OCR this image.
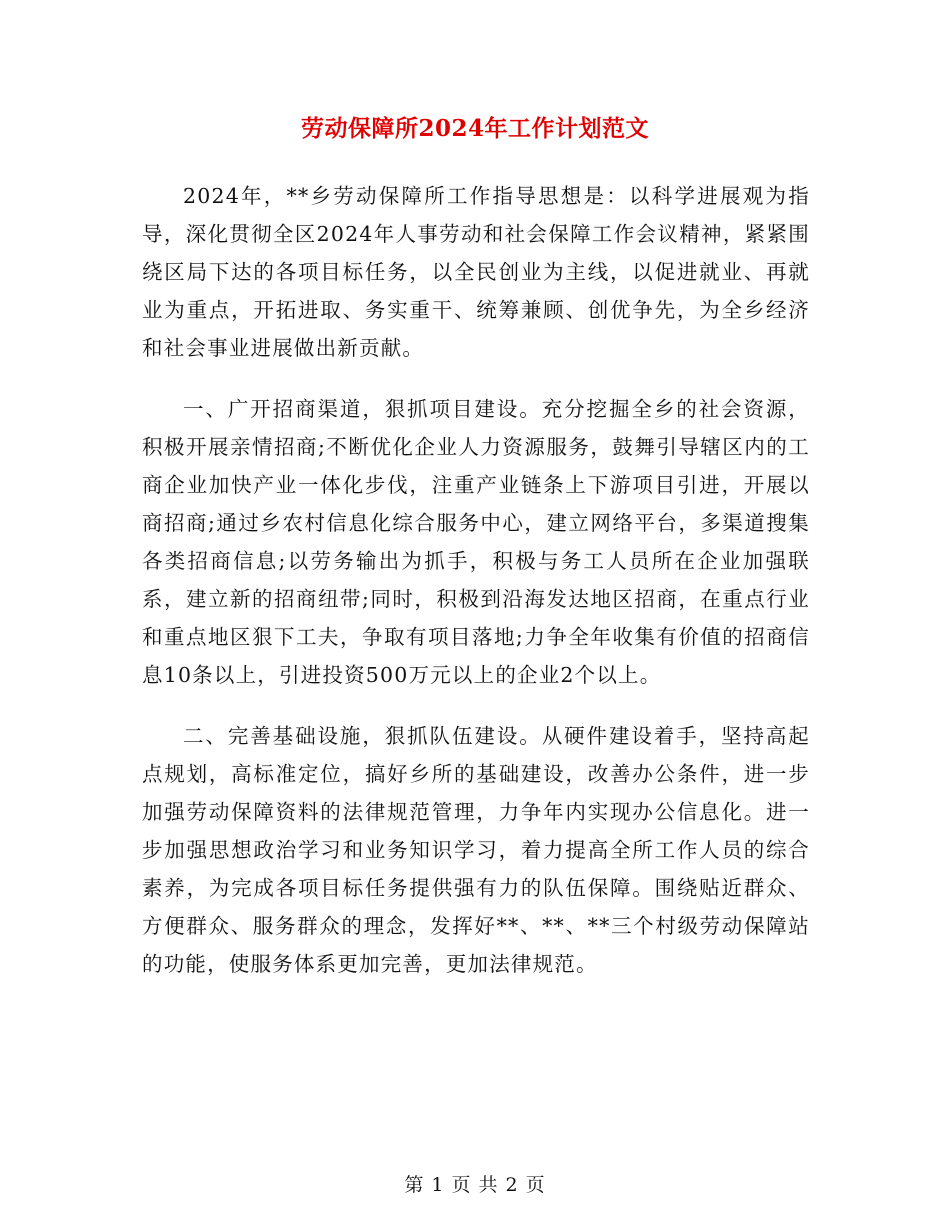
劳动保障所2024年工作计划范文

2024年，**乡劳动保障所工作指导思想是：以科学进展观为指导，深化贯彻全区2024年人事劳动和社会保障工作会议精神，紧紧围绕区局下达的各项目标任务，以全民创业为主线，以促进就业、再就业为重点，开拓进取、务实重干、统筹兼顾、创优争先，为全乡经济和社会事业进展做出新贡献。

一、广开招商渠道，狠抓项目建设。充分挖掘全乡的社会资源，积极开展亲情招商;不断优化企业人力资源服务，鼓舞引导辖区内的工商企业加快产业一体化步伐，注重产业链条上下游项目引进，开展以商招商;通过乡农村信息化综合服务中心，建立网络平台，多渠道搜集各类招商信息;以劳务输出为抓手，积极与务工人员所在企业加强联系，建立新的招商纽带;同时，积极到沿海发达地区招商，在重点行业和重点地区狠下工夫，争取有项目落地;力争全年收集有价值的招商信息10条以上，引进投资500万元以上的企业2个以上。

二、完善基础设施，狠抓队伍建设。从硬件建设着手，坚持高起点规划，高标准定位，搞好乡所的基础建设，改善办公条件，进一步加强劳动保障资料的法律规范管理，力争年内实现办公信息化。进一步加强思想政治学习和业务知识学习，着力提高全所工作人员的综合素养，为完成各项目标任务提供强有力的队伍保障。围绕贴近群众、方便群众、服务群众的理念，发挥好**、**、**三个村级劳动保障站的功能，使服务体系更加完善，更加法律规范。

第 1 页 共 2 页
